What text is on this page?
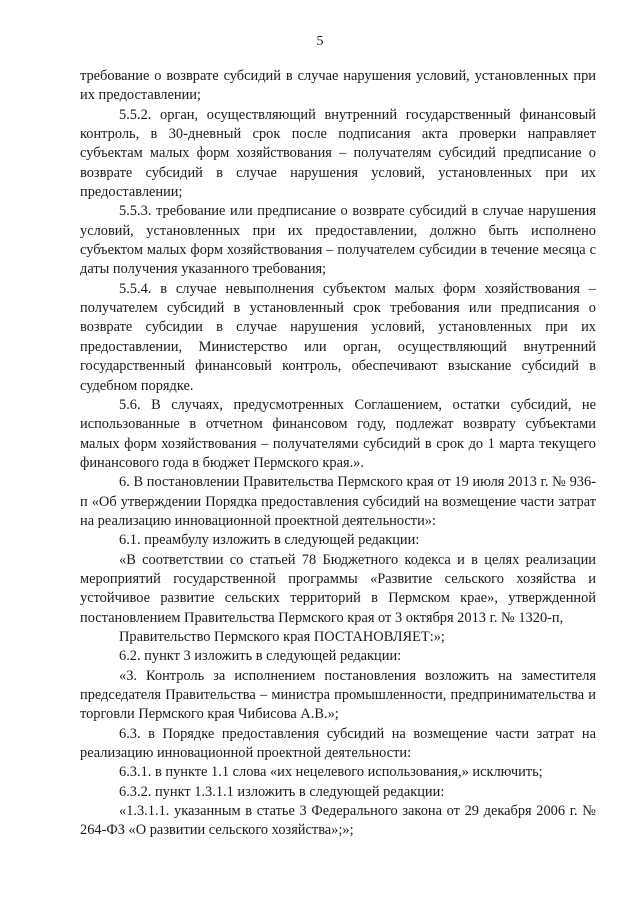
5

требование о возврате субсидий в случае нарушения условий, установленных при их предоставлении;

5.5.2. орган, осуществляющий внутренний государственный финансовый контроль, в 30-дневный срок после подписания акта проверки направляет субъектам малых форм хозяйствования – получателям субсидий предписание о возврате субсидий в случае нарушения условий, установленных при их предоставлении;

5.5.3. требование или предписание о возврате субсидий в случае нарушения условий, установленных при их предоставлении, должно быть исполнено субъектом малых форм хозяйствования – получателем субсидии в течение месяца с даты получения указанного требования;

5.5.4. в случае невыполнения субъектом малых форм хозяйствования – получателем субсидий в установленный срок требования или предписания о возврате субсидии в случае нарушения условий, установленных при их предоставлении, Министерство или орган, осуществляющий внутренний государственный финансовый контроль, обеспечивают взыскание субсидий в судебном порядке.

5.6. В случаях, предусмотренных Соглашением, остатки субсидий, не использованные в отчетном финансовом году, подлежат возврату субъектами малых форм хозяйствования – получателями субсидий в срок до 1 марта текущего финансового года в бюджет Пермского края.».

6. В постановлении Правительства Пермского края от 19 июля 2013 г. № 936-п «Об утверждении Порядка предоставления субсидий на возмещение части затрат на реализацию инновационной проектной деятельности»:

6.1. преамбулу изложить в следующей редакции:

«В соответствии со статьей 78 Бюджетного кодекса и в целях реализации мероприятий государственной программы «Развитие сельского хозяйства и устойчивое развитие сельских территорий в Пермском крае», утвержденной постановлением Правительства Пермского края от 3 октября 2013 г. № 1320-п,

Правительство Пермского края ПОСТАНОВЛЯЕТ:»;

6.2. пункт 3 изложить в следующей редакции:

«3. Контроль за исполнением постановления возложить на заместителя председателя Правительства – министра промышленности, предпринимательства и торговли Пермского края Чибисова А.В.»;

6.3. в Порядке предоставления субсидий на возмещение части затрат на реализацию инновационной проектной деятельности:

6.3.1. в пункте 1.1 слова «их нецелевого использования,» исключить;

6.3.2. пункт 1.3.1.1 изложить в следующей редакции:

«1.3.1.1. указанным в статье 3 Федерального закона от 29 декабря 2006 г. № 264-ФЗ «О развитии сельского хозяйства»;»;
